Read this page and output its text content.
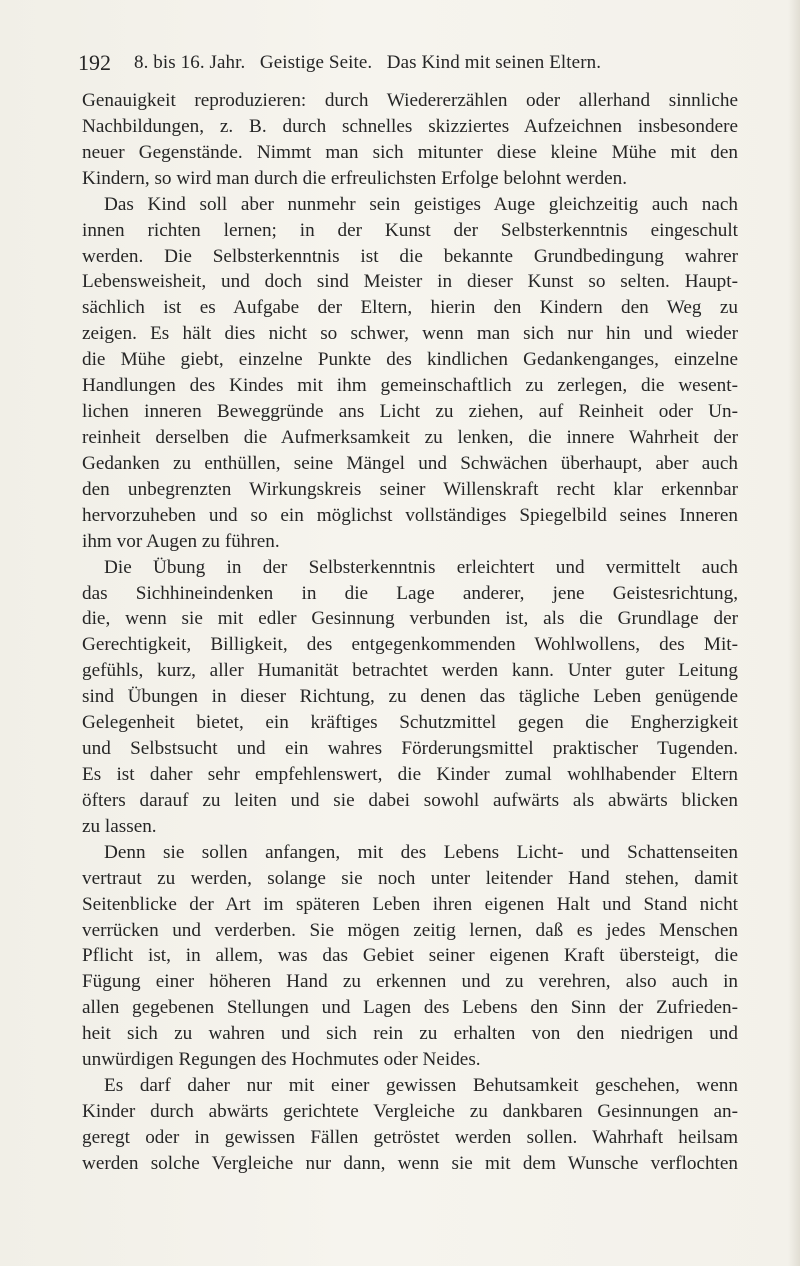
192 8. bis 16. Jahr.   Geistige Seite.   Das Kind mit seinen Eltern.
Genauigkeit reproduzieren: durch Wiedererzählen oder allerhand sinnliche
Nachbildungen, z. B. durch schnelles skizziertes Aufzeichnen insbesondere
neuer Gegenstände. Nimmt man sich mitunter diese kleine Mühe mit den
Kindern, so wird man durch die erfreulichsten Erfolge belohnt werden.
Das Kind soll aber nunmehr sein geistiges Auge gleichzeitig auch nach
innen richten lernen; in der Kunst der Selbsterkenntnis eingeschult
werden. Die Selbsterkenntnis ist die bekannte Grundbedingung wahrer
Lebensweisheit, und doch sind Meister in dieser Kunst so selten. Haupt-
sächlich ist es Aufgabe der Eltern, hierin den Kindern den Weg zu
zeigen. Es hält dies nicht so schwer, wenn man sich nur hin und wieder
die Mühe giebt, einzelne Punkte des kindlichen Gedankenganges, einzelne
Handlungen des Kindes mit ihm gemeinschaftlich zu zerlegen, die wesent-
lichen inneren Beweggründe ans Licht zu ziehen, auf Reinheit oder Un-
reinheit derselben die Aufmerksamkeit zu lenken, die innere Wahrheit der
Gedanken zu enthüllen, seine Mängel und Schwächen überhaupt, aber auch
den unbegrenzten Wirkungskreis seiner Willenskraft recht klar erkennbar
hervorzuheben und so ein möglichst vollständiges Spiegelbild seines Inneren
ihm vor Augen zu führen.
Die Übung in der Selbsterkenntnis erleichtert und vermittelt auch
das Sichhineindenken in die Lage anderer, jene Geistesrichtung,
die, wenn sie mit edler Gesinnung verbunden ist, als die Grundlage der
Gerechtigkeit, Billigkeit, des entgegenkommenden Wohlwollens, des Mit-
gefühls, kurz, aller Humanität betrachtet werden kann. Unter guter Leitung
sind Übungen in dieser Richtung, zu denen das tägliche Leben genügende
Gelegenheit bietet, ein kräftiges Schutzmittel gegen die Engherzigkeit
und Selbstsucht und ein wahres Förderungsmittel praktischer Tugenden.
Es ist daher sehr empfehlenswert, die Kinder zumal wohlhabender Eltern
öfters darauf zu leiten und sie dabei sowohl aufwärts als abwärts blicken
zu lassen.
Denn sie sollen anfangen, mit des Lebens Licht- und Schattenseiten
vertraut zu werden, solange sie noch unter leitender Hand stehen, damit
Seitenblicke der Art im späteren Leben ihren eigenen Halt und Stand nicht
verrücken und verderben. Sie mögen zeitig lernen, daß es jedes Menschen
Pflicht ist, in allem, was das Gebiet seiner eigenen Kraft übersteigt, die
Fügung einer höheren Hand zu erkennen und zu verehren, also auch in
allen gegebenen Stellungen und Lagen des Lebens den Sinn der Zufrieden-
heit sich zu wahren und sich rein zu erhalten von den niedrigen und
unwürdigen Regungen des Hochmutes oder Neides.
Es darf daher nur mit einer gewissen Behutsamkeit geschehen, wenn
Kinder durch abwärts gerichtete Vergleiche zu dankbaren Gesinnungen an-
geregt oder in gewissen Fällen getröstet werden sollen. Wahrhaft heilsam
werden solche Vergleiche nur dann, wenn sie mit dem Wunsche verflochten
